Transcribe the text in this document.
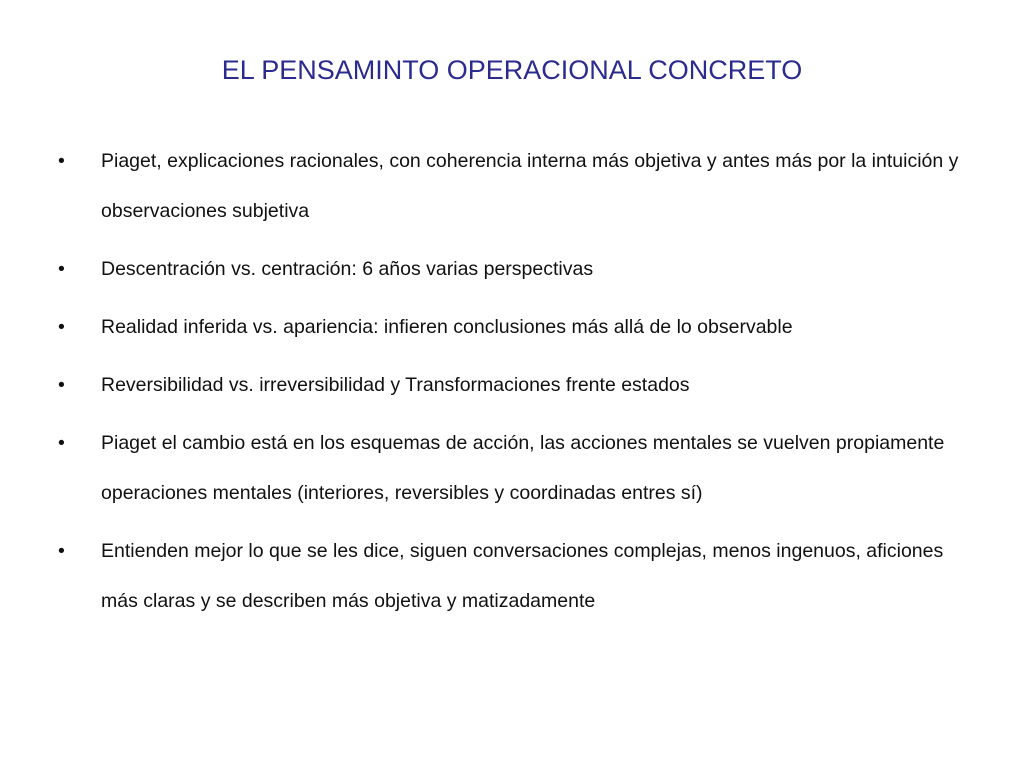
EL PENSAMINTO OPERACIONAL CONCRETO
•	Piaget, explicaciones racionales, con coherencia interna más objetiva y antes más por la intuición y observaciones subjetiva
•	Descentración vs. centración: 6 años varias perspectivas
•	Realidad inferida vs. apariencia: infieren conclusiones más allá de lo observable
•	Reversibilidad vs. irreversibilidad y Transformaciones frente estados
•	Piaget el cambio está en los esquemas de acción, las acciones mentales se vuelven propiamente operaciones mentales (interiores, reversibles y coordinadas entres sí)
•	Entienden mejor lo que se les dice, siguen conversaciones complejas, menos ingenuos, aficiones más claras y se describen más objetiva y matizadamente
